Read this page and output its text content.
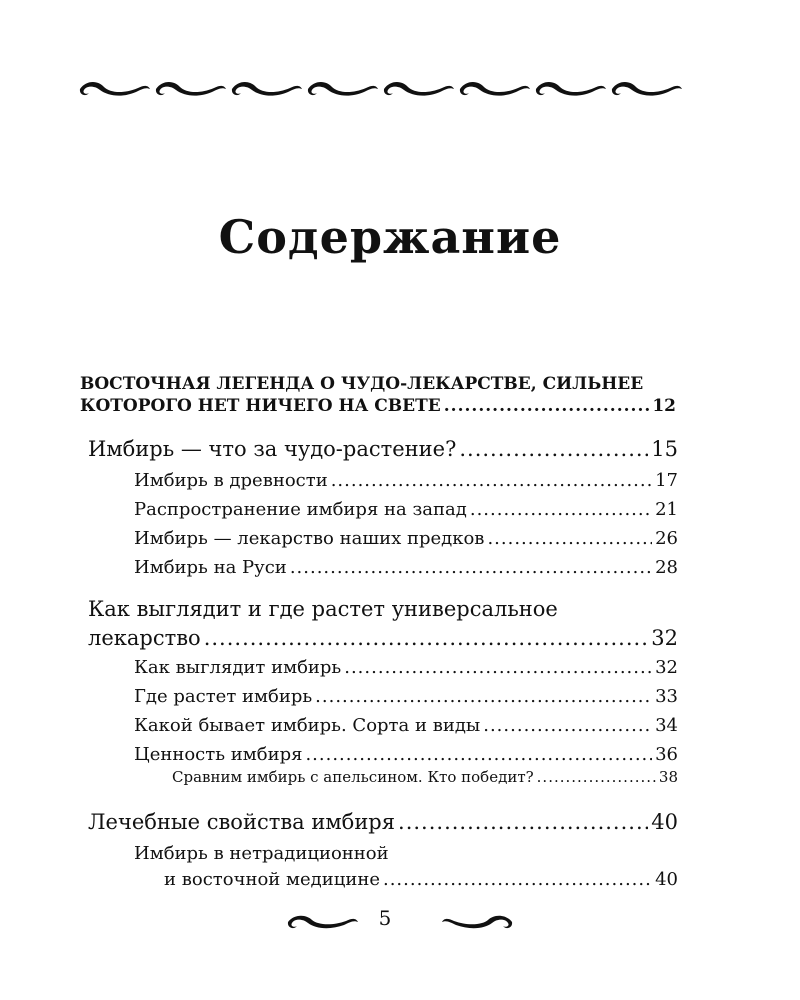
Содержание
ВОСТОЧНАЯ ЛЕГЕНДА О ЧУДО-ЛЕКАРСТВЕ, СИЛЬНЕЕ
КОТОРОГО НЕТ НИЧЕГО НА СВЕТЕ .....	12
Имбирь — что за чудо-растение? .....	15
Имбирь в древности .....	17
Распространение имбиря на запад .....	21
Имбирь — лекарство наших предков .....	26
Имбирь на Руси .....	28
Как выглядит и где растет универсальное
лекарство .....	32
Как выглядит имбирь .....	32
Где растет имбирь .....	33
Какой бывает имбирь. Сорта и виды .....	34
Ценность имбиря .....	36
Сравним имбирь с апельсином. Кто победит? .....	38
Лечебные свойства имбиря .....	40
Имбирь в нетрадиционной
и восточной медицине .....	40
5
